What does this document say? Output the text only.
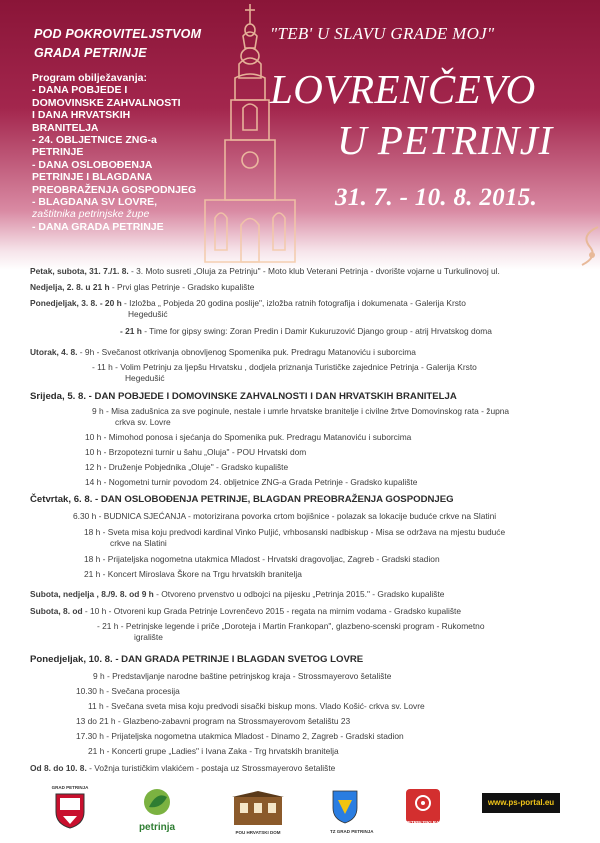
POD POKROVITELJSTVOM
GRADA PETRINJE
Program obilježavanja:
- DANA POBJEDE I
DOMOVINSKE ZAHVALNOSTI
I DANA HRVATSKIH
BRANITELJA
- 24. OBLJETNICE ZNG-a
PETRINJE
- DANA OSLOBOĐENJA
PETRINJE I BLAGDANA
PREOBRAŽENJA GOSPODNJEG
- BLAGDANA SV LOVRE,
zaštitnika petrinjske župe
- DANA GRADA PETRINJE
"TEB' U SLAVU GRADE MOJ"
LOVRENČEVO
U PETRINJI
31. 7. - 10. 8. 2015.
Petak, subota, 31. 7./1. 8. - 3. Moto susreti „Oluja za Petrinju" - Moto klub Veterani Petrinja - dvorište vojarne u Turkulinovoj ul.
Nedjelja, 2. 8. u 21 h - Prvi glas Petrinje - Gradsko kupalište
Ponedjeljak, 3. 8. - 20 h - Izložba „ Pobjeda 20 godina poslije", izložba ratnih fotografija i dokumenata - Galerija Krsto
Hegedušić
- 21 h - Time for gipsy swing: Zoran Predin i Damir Kukuruzović Django group - atrij Hrvatskog doma
Utorak, 4. 8. - 9h - Svečanost otkrivanja obnovljenog Spomenika puk. Predragu Matanoviću i suborcima
- 11 h - Volim Petrinju za ljepšu Hrvatsku , dodjela priznanja Turističke zajednice Petrinja - Galerija Krsto
Hegedušić
Srijeda, 5. 8. - DAN POBJEDE I DOMOVINSKE ZAHVALNOSTI I DAN HRVATSKIH BRANITELJA
9 h - Misa zadušnica za sve poginule, nestale i umrle hrvatske branitelje i civilne žrtve Domovinskog rata - župna
crkva sv. Lovre
10 h - Mimohod ponosa i sjećanja do Spomenika puk. Predragu Matanoviću i suborcima
10 h - Brzopotezni turnir u šahu „Oluja" - POU Hrvatski dom
12 h - Druženje Pobjednika „Oluje" - Gradsko kupalište
14 h - Nogometni turnir povodom 24. obljetnice ZNG-a Grada Petrinje - Gradsko kupalište
Četvrtak, 6. 8. - DAN OSLOBOĐENJA PETRINJE, BLAGDAN PREOBRAŽENJA GOSPODNJEG
6.30 h - BUDNICA SJEĆANJA - motorizirana povorka crtom bojišnice - polazak sa lokacije buduće crkve na Slatini
18 h - Sveta misa koju predvodi kardinal Vinko Puljić, vrhbosanski nadbiskup - Misa se održava na mjestu buduće
crkve na Slatini
18 h - Prijateljska nogometna utakmica Mladost - Hrvatski dragovoljac, Zagreb - Gradski stadion
21 h - Koncert Miroslava Škore na Trgu hrvatskih branitelja
Subota, nedjelja , 8./9. 8. od 9 h - Otvoreno prvenstvo u odbojci na pijesku „Petrinja 2015." - Gradsko kupalište
Subota, 8. od - 10 h - Otvoreni kup Grada Petrinje Lovrenčevo 2015 - regata na mirnim vodama - Gradsko kupalište
- 21 h - Petrinjske legende i priče „Doroteja i Martin Frankopan", glazbeno-scenski program - Rukometno
igralište
Ponedjeljak, 10. 8. - DAN GRADA PETRINJE I BLAGDAN SVETOG LOVRE
9 h - Predstavljanje narodne baštine petrinjskog kraja - Strossmayerovo šetalište
10.30 h - Svečana procesija
11 h - Svečana sveta misa koju predvodi sisački biskup mons. Vlado Košić- crkva sv. Lovre
13 do 21 h - Glazbeno-zabavni program na Strossmayerovom šetalištu 23
17.30 h - Prijateljska nogometna utakmica Mladost - Dinamo 2, Zagreb - Gradski stadion
21 h - Koncerti grupe „Ladies" i Ivana Zaka - Trg hrvatskih branitelja
Od 8. do 10. 8. - Vožnja turističkim vlakićem - postaja uz Strossmayerovo šetalište
GRAD PETRINJA
petrinja	POU HRVATSKI DOM	TZ GRAD PETRINJA
PETRINJSKI RADIO
www.ps-portal.eu
